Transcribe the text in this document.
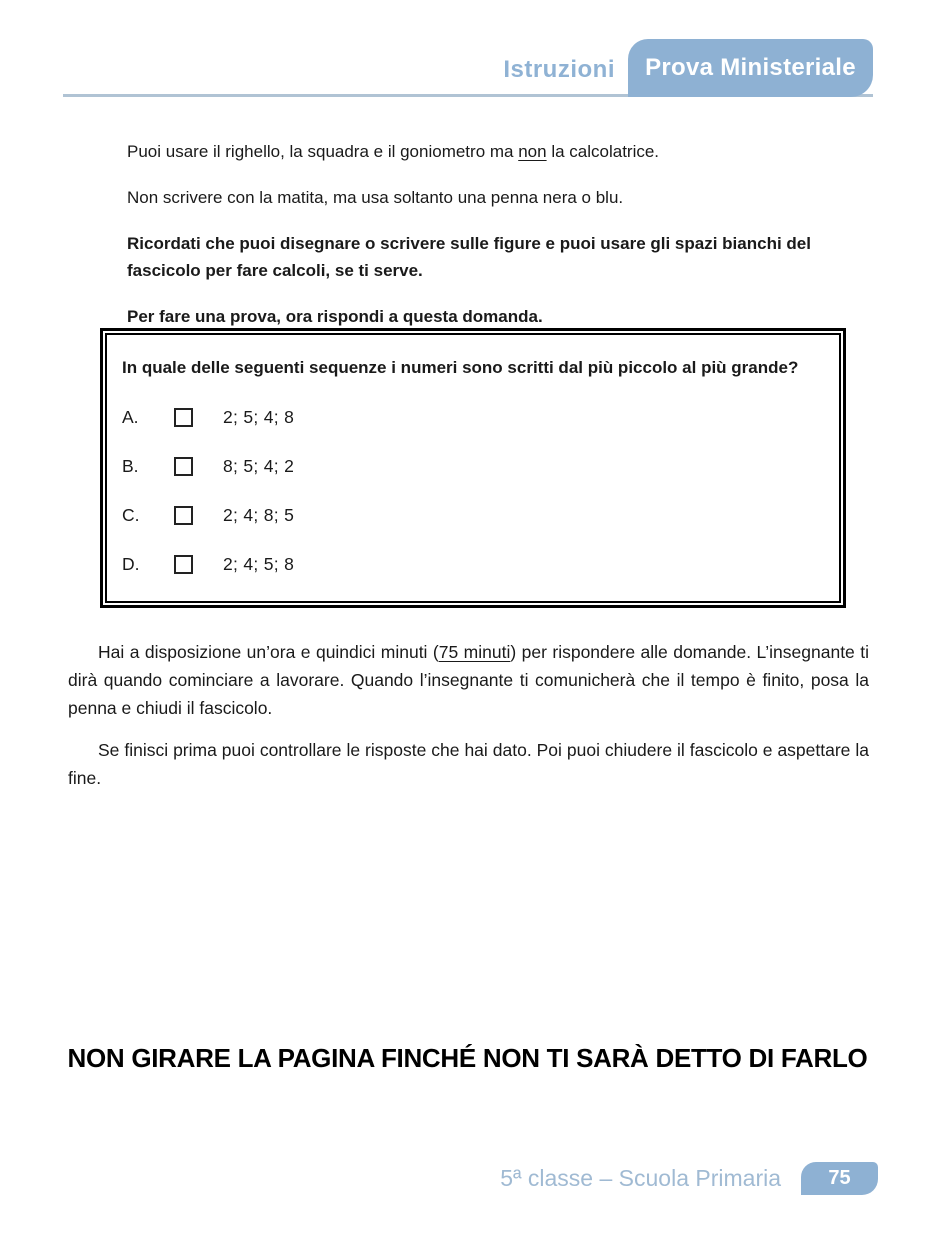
Istruzioni Prova Ministeriale

Puoi usare il righello, la squadra e il goniometro ma non la calcolatrice.

Non scrivere con la matita, ma usa soltanto una penna nera o blu.

Ricordati che puoi disegnare o scrivere sulle figure e puoi usare gli spazi bianchi del fascicolo per fare calcoli, se ti serve.

Per fare una prova, ora rispondi a questa domanda.

In quale delle seguenti sequenze i numeri sono scritti dal più piccolo al più grande?
A.	2; 5; 4; 8
B.	8; 5; 4; 2
C.	2; 4; 8; 5
D.	2; 4; 5; 8

Hai a disposizione un’ora e quindici minuti (75 minuti) per rispondere alle domande. L’insegnante ti dirà quando cominciare a lavorare. Quando l’insegnante ti comunicherà che il tempo è finito, posa la penna e chiudi il fascicolo.

Se finisci prima puoi controllare le risposte che hai dato. Poi puoi chiudere il fascicolo e aspettare la fine.

NON GIRARE LA PAGINA FINCHÉ NON TI SARÀ DETTO DI FARLO
5ª classe – Scuola Primaria 75
